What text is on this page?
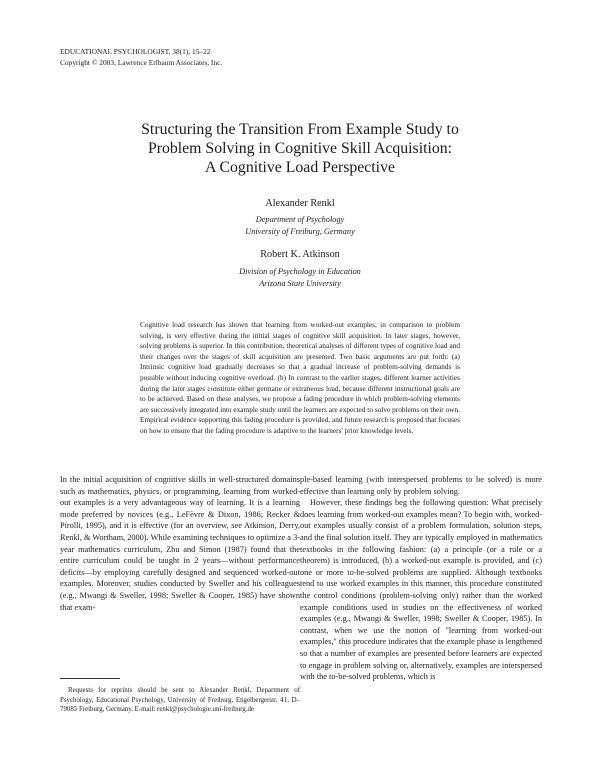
EDUCATIONAL PSYCHOLOGIST, 38(1), 15–22
Copyright © 2003, Lawrence Erlbaum Associates, Inc.
Structuring the Transition From Example Study to
Problem Solving in Cognitive Skill Acquisition:
A Cognitive Load Perspective
Alexander Renkl
Department of Psychology
University of Freiburg, Germany
Robert K. Atkinson
Division of Psychology in Education
Arizona State University

Cognitive load research has shown that learning from worked-out examples, in comparison to problem solving, is very effective during the initial stages of cognitive skill acquisition. In later stages, however, solving problems is superior. In this contribution, theoretical analyses of different types of cognitive load and their changes over the stages of skill acquisition are presented. Two basic arguments are put forth: (a) Intrinsic cognitive load gradually decreases so that a gradual increase of problem-solving demands is possible without inducing cognitive overload. (b) In contrast to the earlier stages, different learner activities during the later stages constitute either germane or extraneous load, because different instructional goals are to be achieved. Based on these analyses, we propose a fading procedure in which problem-solving elements are successively integrated into example study until the learners are expected to solve problems on their own. Empirical evidence supporting this fading procedure is provided, and future research is proposed that focuses on how to ensure that the fading procedure is adaptive to the learners' prior knowledge levels.

In the initial acquisition of cognitive skills in well-structured domains such as mathematics, physics, or programming, learning from worked-out examples is a very advantageous way of learning. It is a learning mode preferred by novices (e.g., LeFèvre & Dixon, 1986; Recker & Pirolli, 1995), and it is effective (for an overview, see Atkinson, Derry, Renkl, & Wortham, 2000). While examining techniques to optimize a 3-year mathematics curriculum, Zhu and Simon (1987) found that the entire curriculum could be taught in 2 years—without performance deficits—by employing carefully designed and sequenced worked-out examples. Moreover, studies conducted by Sweller and his colleagues (e.g., Mwangi & Sweller, 1998; Sweller & Cooper, 1985) have shown that exam-

ple-based learning (with interspersed problems to be solved) is more effective than learning only by problem solving.

However, these findings beg the following question: What precisely does learning from worked-out examples mean? To begin with, worked-out examples usually consist of a problem formulation, solution steps, and the final solution itself. They are typically employed in mathematics textbooks in the following fashion: (a) a principle (or a rule or a theorem) is introduced, (b) a worked-out example is provided, and (c) one or more to-be-solved problems are supplied. Although textbooks tend to use worked examples in this manner, this procedure constituted the control conditions (problem-solving only) rather than the worked example conditions used in studies on the effectiveness of worked examples (e.g., Mwangi & Sweller, 1998; Sweller & Cooper, 1985). In contrast, when we use the notion of "learning from worked-out examples," this procedure indicates that the example phase is lengthened so that a number of examples are presented before learners are expected to engage in problem solving or, alternatively, examples are interspersed with the to-be-solved problems, which is

Requests for reprints should be sent to Alexander Renkl, Department of Psychology, Educational Psychology, University of Freiburg, Engelbergerstr. 41, D–79085 Freiburg, Germany. E-mail: renkl@psychologie.uni-freiburg.de
